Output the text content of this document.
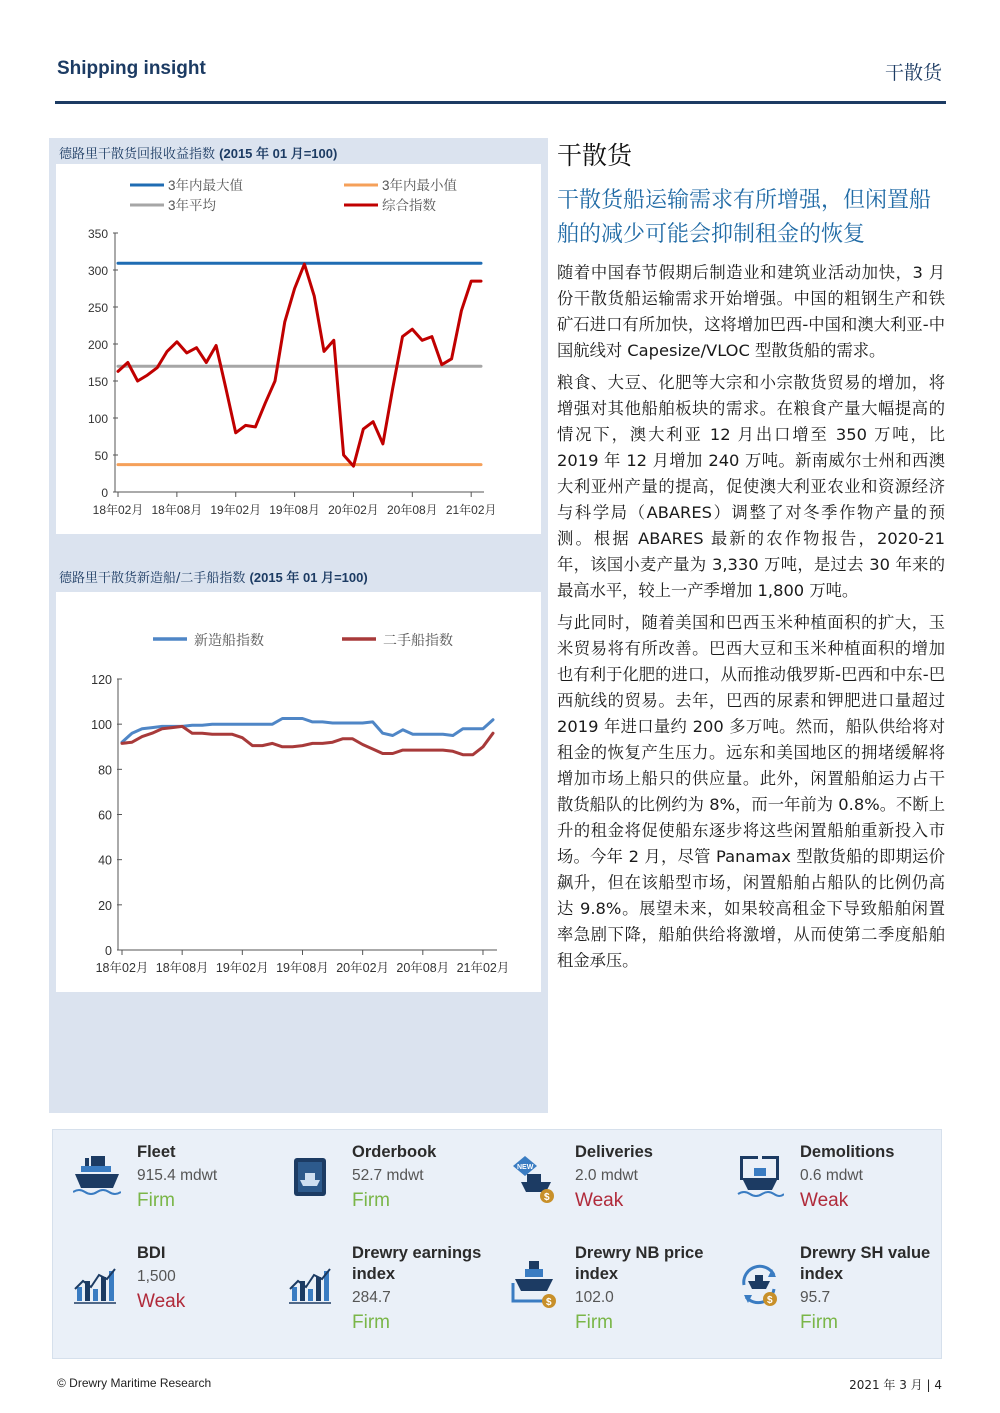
Shipping insight	干散货
德路里干散货回报收益指数 (2015 年 01 月=100)
3年内最大值	3年内最小值
3年平均	综合指数
350
300
250
200
150
100
50
0
18年02月 18年08月 19年02月 19年08月 20年02月 20年08月 21年02月
德路里干散货新造船/二手船指数 (2015 年 01 月=100)
新造船指数	二手船指数
120
100
80
60
40
20
0
18年02月 18年08月 19年02月 19年08月 20年02月 20年08月 21年02月
干散货
干散货船运输需求有所增强，但闲置船舶的减少可能会抑制租金的恢复

随着中国春节假期后制造业和建筑业活动加快，3 月份干散货船运输需求开始增强。中国的粗钢生产和铁矿石进口有所加快，这将增加巴西-中国和澳大利亚-中国航线对 Capesize/VLOC 型散货船的需求。

粮食、大豆、化肥等大宗和小宗散货贸易的增加，将增强对其他船舶板块的需求。在粮食产量大幅提高的情况下，澳大利亚 12 月出口增至 350 万吨，比 2019 年 12 月增加 240 万吨。新南威尔士州和西澳大利亚州产量的提高，促使澳大利亚农业和资源经济与科学局（ABARES）调整了对冬季作物产量的预测。根据 ABARES 最新的农作物报告，2020-21 年，该国小麦产量为 3,330 万吨，是过去 30 年来的最高水平，较上一产季增加 1,800 万吨。

与此同时，随着美国和巴西玉米种植面积的扩大，玉米贸易将有所改善。巴西大豆和玉米种植面积的增加也有利于化肥的进口，从而推动俄罗斯-巴西和中东-巴西航线的贸易。去年，巴西的尿素和钾肥进口量超过 2019 年进口量约 200 多万吨。然而，船队供给将对租金的恢复产生压力。远东和美国地区的拥堵缓解将增加市场上船只的供应量。此外，闲置船舶运力占干散货船队的比例约为 8%，而一年前为 0.8%。不断上升的租金将促使船东逐步将这些闲置船舶重新投入市场。今年 2 月，尽管 Panamax 型散货船的即期运价飙升，但在该船型市场，闲置船舶占船队的比例仍高达 9.8%。展望未来，如果较高租金下导致船舶闲置率急剧下降，船舶供给将激增，从而使第二季度船舶租金承压。

Fleet
915.4 mdwt
Firm
Orderbook
52.7 mdwt
Firm
NEW
$
Deliveries
2.0 mdwt
Weak
Demolitions
0.6 mdwt
Weak
BDI
1,500
Weak
Drewry earnings index
284.7
Firm
$
Drewry NB price index
102.0
Firm
$
Drewry SH value index
95.7
Firm
© Drewry Maritime Research	2021 年 3 月 | 4
